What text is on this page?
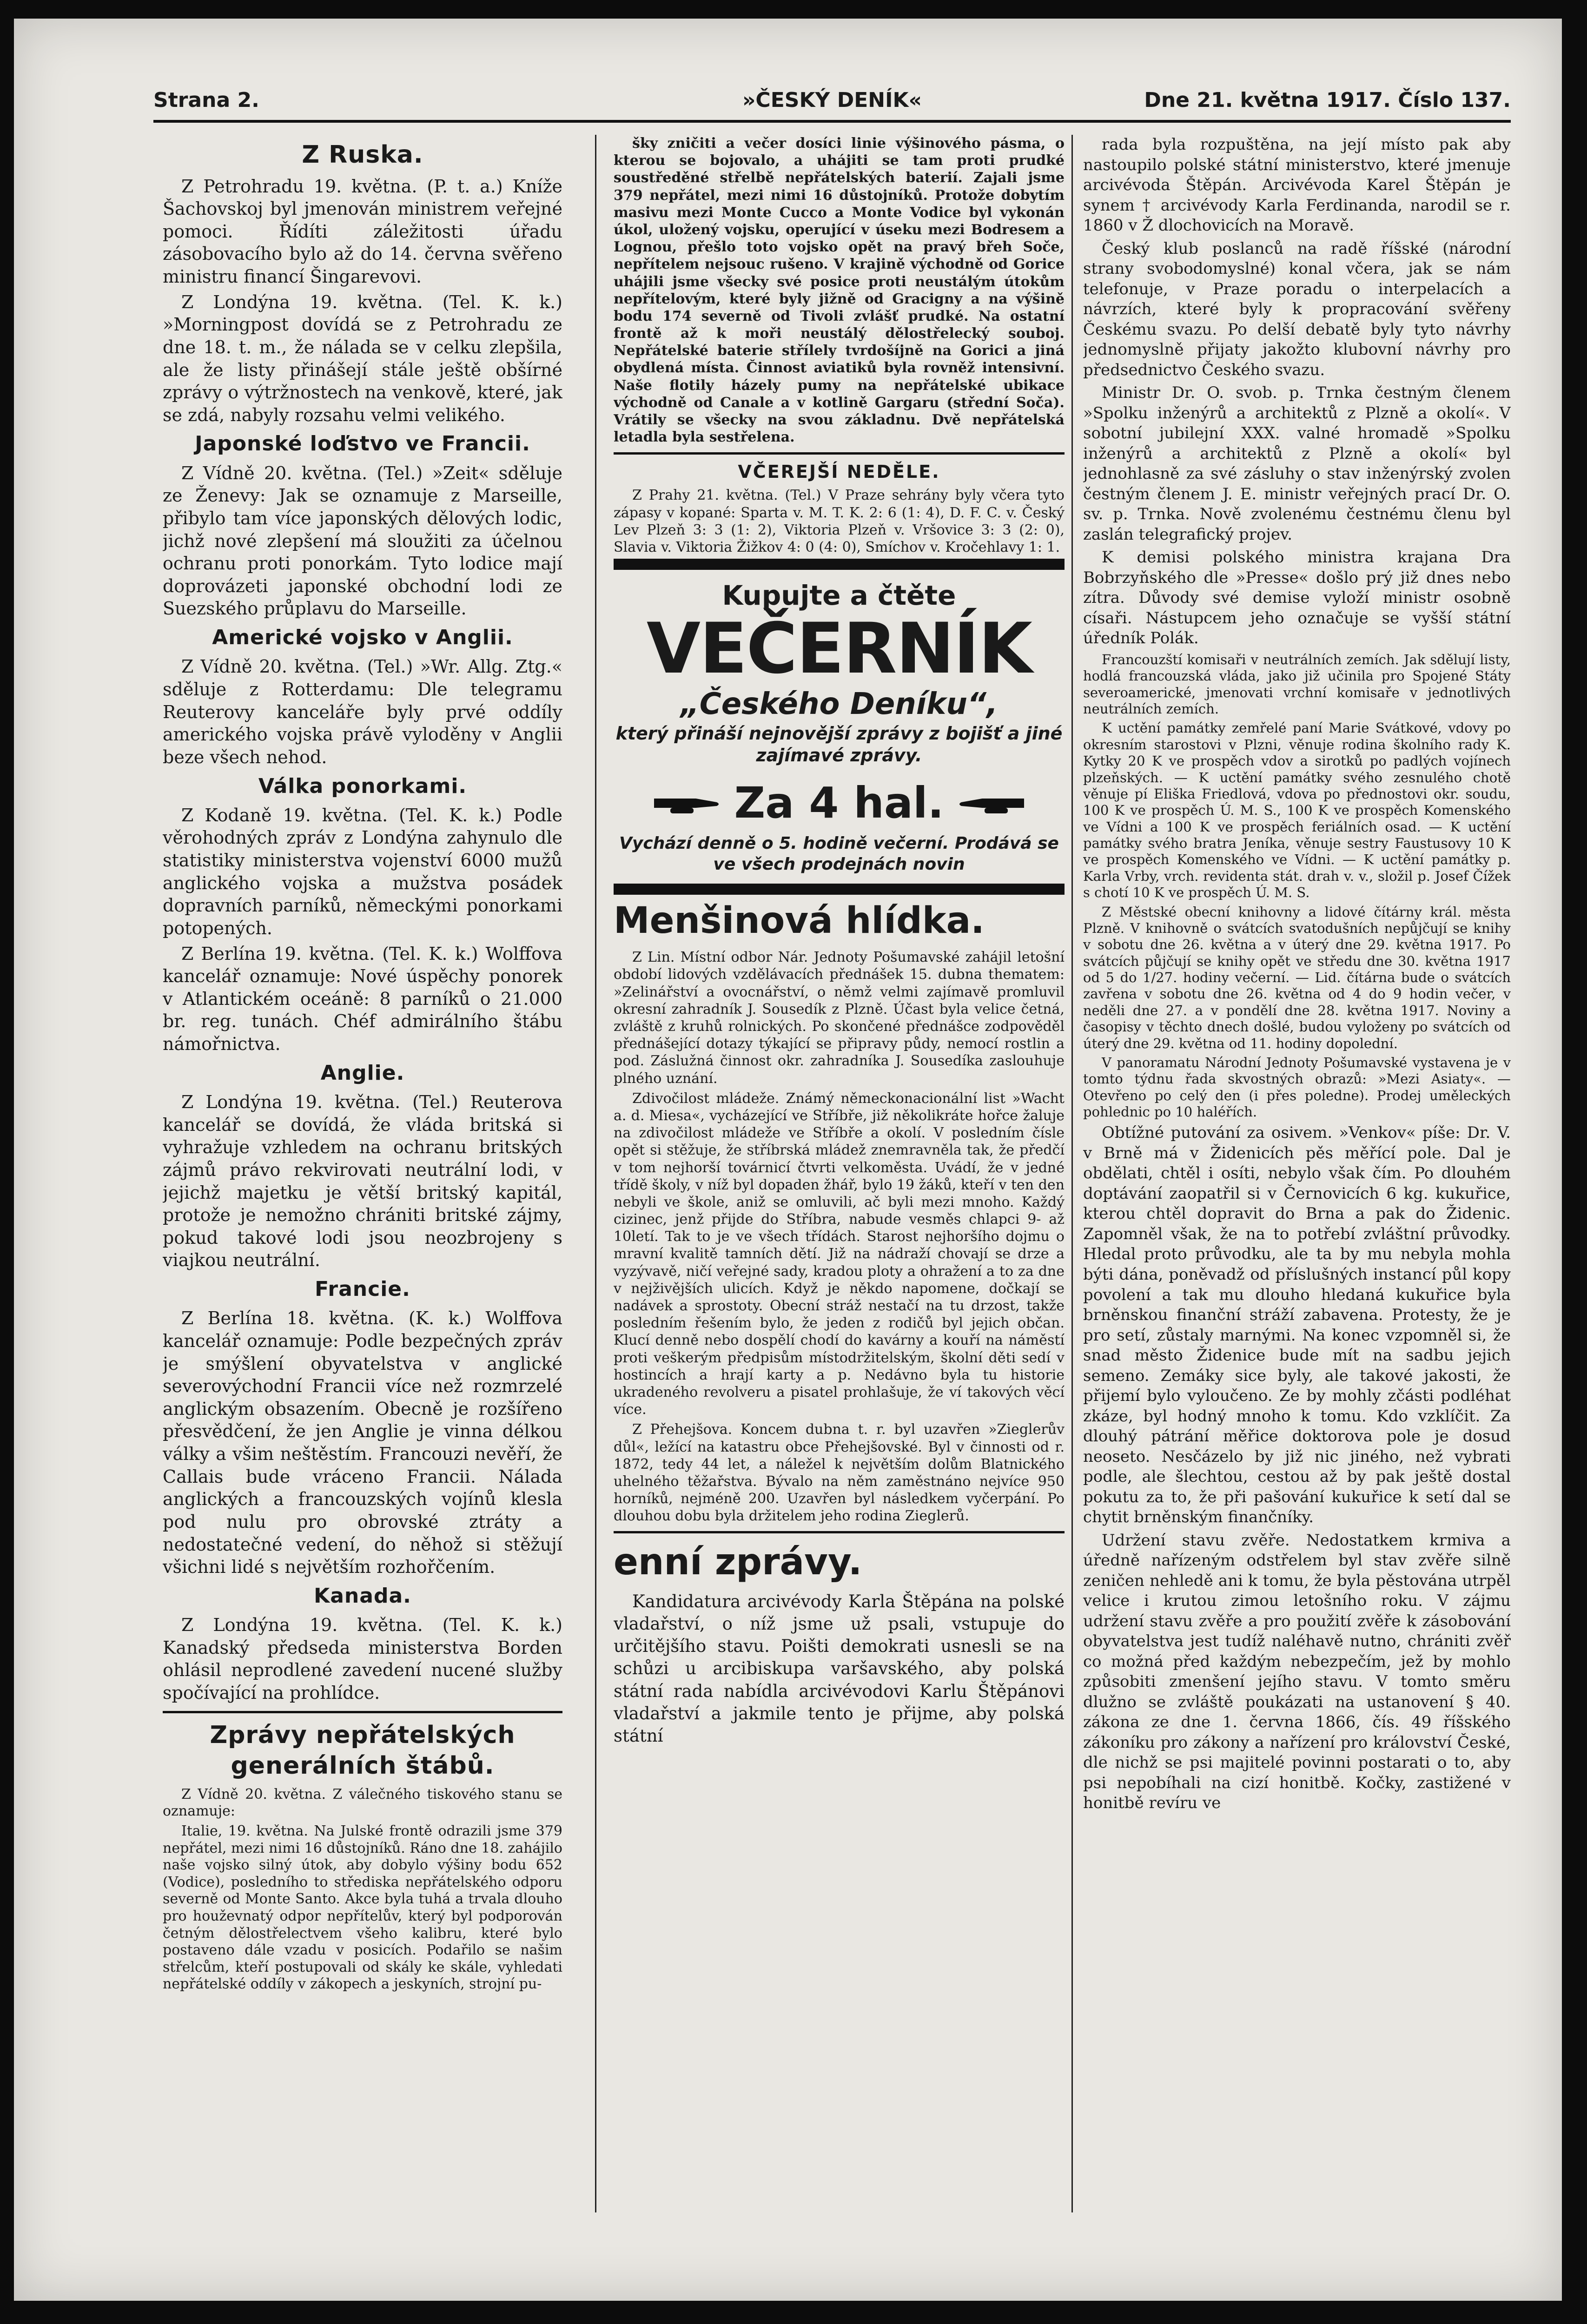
Strana 2.	»ČESKÝ DENÍK«	Dne 21. května 1917. Číslo 137.
Z Ruska.

Z Petrohradu 19. května. (P. t. a.) Kníže Šachovskoj byl jmenován ministrem veřejné pomoci. Řídíti záležitosti úřadu zásobovacího bylo až do 14. června svěřeno ministru financí Šingarevovi.

Z Londýna 19. května. (Tel. K. k.) »Morningpost dovídá se z Petrohradu ze dne 18. t. m., že nálada se v celku zlepšila, ale že listy přinášejí stále ještě obšírné zprávy o výtržnostech na venkově, které, jak se zdá, nabyly rozsahu velmi velikého.

Japonské loďstvo ve Francii.

Z Vídně 20. května. (Tel.) »Zeit« sděluje ze Ženevy: Jak se oznamuje z Marseille, přibylo tam více japonských dělových lodic, jichž nové zlepšení má sloužiti za účelnou ochranu proti ponorkám. Tyto lodice mají doprovázeti japonské obchodní lodi ze Suezského průplavu do Marseille.

Americké vojsko v Anglii.

Z Vídně 20. května. (Tel.) »Wr. Allg. Ztg.« sděluje z Rotterdamu: Dle telegramu Reuterovy kanceláře byly prvé oddíly amerického vojska právě vyloděny v Anglii beze všech nehod.

Válka ponorkami.

Z Kodaně 19. května. (Tel. K. k.) Podle věrohodných zpráv z Londýna zahynulo dle statistiky ministerstva vojenství 6000 mužů anglického vojska a mužstva posádek dopravních parníků, německými ponorkami potopených.

Z Berlína 19. května. (Tel. K. k.) Wolffova kancelář oznamuje: Nové úspěchy ponorek v Atlantickém oceáně: 8 parníků o 21.000 br. reg. tunách. Chéf admirálního štábu námořnictva.

Anglie.

Z Londýna 19. května. (Tel.) Reuterova kancelář se dovídá, že vláda britská si vyhražuje vzhledem na ochranu britských zájmů právo rekvirovati neutrální lodi, v jejichž majetku je větší britský kapitál, protože je nemožno chrániti britské zájmy, pokud takové lodi jsou neozbrojeny s viajkou neutrální.

Francie.

Z Berlína 18. května. (K. k.) Wolffova kancelář oznamuje: Podle bezpečných zpráv je smýšlení obyvatelstva v anglické severovýchodní Francii více než rozmrzelé anglickým obsazením. Obecně je rozšířeno přesvědčení, že jen Anglie je vinna délkou války a všim neštěstím. Francouzi nevěří, že Callais bude vráceno Francii. Nálada anglických a francouzských vojínů klesla pod nulu pro obrovské ztráty a nedostatečné vedení, do něhož si stěžují všichni lidé s největším rozhořčením.

Kanada.

Z Londýna 19. května. (Tel. K. k.) Kanadský předseda ministerstva Borden ohlásil neprodlené zavedení nucené služby spočívající na prohlídce.

Zprávy nepřátelských generálních štábů.

Z Vídně 20. května. Z válečného tiskového stanu se oznamuje:

Italie, 19. května. Na Julské frontě odrazili jsme 379 nepřátel, mezi nimi 16 důstojníků. Ráno dne 18. zahájilo naše vojsko silný útok, aby dobylo výšiny bodu 652 (Vodice), posledního to střediska nepřátelského odporu severně od Monte Santo. Akce byla tuhá a trvala dlouho pro houževnatý odpor nepřítelův, který byl podporován četným dělostřelectvem všeho kalibru, které bylo postaveno dále vzadu v posicích. Podařilo se našim střelcům, kteří postupovali od skály ke skále, vyhledati nepřátelské oddíly v zákopech a jeskyních, strojní pu-

šky zničiti a večer dosíci linie výšinového pásma, o kterou se bojovalo, a uhájiti se tam proti prudké soustředěné střelbě nepřátelských baterií. Zajali jsme 379 nepřátel, mezi nimi 16 důstojníků. Protože dobytím masivu mezi Monte Cucco a Monte Vodice byl vykonán úkol, uložený vojsku, operující v úseku mezi Bodresem a Lognou, přešlo toto vojsko opět na pravý břeh Soče, nepřítelem nejsouc rušeno. V krajině východně od Gorice uhájili jsme všecky své posice proti neustálým útokům nepřítelovým, které byly jižně od Gracigny a na výšině bodu 174 severně od Tivoli zvlášť prudké. Na ostatní frontě až k moři neustálý dělostřelecký souboj. Nepřátelské baterie střílely tvrdošíjně na Gorici a jiná obydlená místa. Činnost aviatiků byla rovněž intensivní. Naše flotily házely pumy na nepřátelské ubikace východně od Canale a v kotlině Gargaru (střední Soča). Vrátily se všecky na svou základnu. Dvě nepřátelská letadla byla sestřelena.

VČEREJŠÍ NEDĚLE.

Z Prahy 21. května. (Tel.) V Praze sehrány byly včera tyto zápasy v kopané: Sparta v. M. T. K. 2: 6 (1: 4), D. F. C. v. Český Lev Plzeň 3: 3 (1: 2), Viktoria Plzeň v. Vršovice 3: 3 (2: 0), Slavia v. Viktoria Žižkov 4: 0 (4: 0), Smíchov v. Kročehlavy 1: 1.

Kupujte a čtěte
VEČERNÍK
„Českého Deníku“,
který přináší nejnovější zprávy z bojišť a jiné zajímavé zprávy.
Za 4 hal.
Vychází denně o 5. hodině večerní. Prodává se ve všech prodejnách novin
Menšinová hlídka.

Z Lin. Místní odbor Nár. Jednoty Pošumavské zahájil letošní období lidových vzdělávacích přednášek 15. dubna thematem: »Zelinářství a ovocnářství, o němž velmi zajímavě promluvil okresní zahradník J. Sousedík z Plzně. Účast byla velice četná, zvláště z kruhů rolnických. Po skončené přednášce zodpověděl přednášející dotazy týkající se připravy půdy, nemocí rostlin a pod. Záslužná činnost okr. zahradníka J. Sousedíka zaslouhuje plného uznání.

Zdivočilost mládeže. Známý německonacionální list »Wacht a. d. Miesa«, vycházející ve Stříbře, již několikráte hořce žaluje na zdivočilost mládeže ve Stříbře a okolí. V posledním čísle opět si stěžuje, že stříbrská mládež znemravněla tak, že předčí v tom nejhorší továrnicí čtvrti velkoměsta. Uvádí, že v jedné třídě školy, v níž byl dopaden žhář, bylo 19 žáků, kteří v ten den nebyli ve škole, aniž se omluvili, ač byli mezi mnoho. Každý cizinec, jenž přijde do Stříbra, nabude vesměs chlapci 9- až 10letí. Tak to je ve všech třídách. Starost nejhoršího dojmu o mravní kvalitě tamních dětí. Již na nádraží chovají se drze a vyzývavě, ničí veřejné sady, kradou ploty a ohražení a to za dne v nejživějších ulicích. Když je někdo napomene, dočkají se nadávek a sprostoty. Obecní stráž nestačí na tu drzost, takže posledním řešením bylo, že jeden z rodičů byl jejich občan. Klucí denně nebo dospělí chodí do kavárny a kouří na náměstí proti veškerým předpisům místodržitelským, školní děti sedí v hostincích a hrají karty a p. Nedávno byla tu historie ukradeného revolveru a pisatel prohlašuje, že ví takových věcí více.

Z Přehejšova. Koncem dubna t. r. byl uzavřen »Zieglerův důl«, ležící na katastru obce Přehejšovské. Byl v činnosti od r. 1872, tedy 44 let, a náležel k největším dolům Blatnického uhelného těžařstva. Bývalo na něm zaměstnáno nejvíce 950 horníků, nejméně 200. Uzavřen byl následkem vyčerpání. Po dlouhou dobu byla držitelem jeho rodina Zieglerů.

enní zprávy.

Kandidatura arcivévody Karla Štěpána na polské vladařství, o níž jsme už psali, vstupuje do určitějšího stavu. Poišti demokrati usnesli se na schůzi u arcibiskupa varšavského, aby polská státní rada nabídla arcivévodovi Karlu Štěpánovi vladařství a jakmile tento je přijme, aby polská státní

rada byla rozpuštěna, na její místo pak aby nastoupilo polské státní ministerstvo, které jmenuje arcivévoda Štěpán. Arcivévoda Karel Štěpán je synem † arcivévody Karla Ferdinanda, narodil se r. 1860 v Ž dlochovicích na Moravě.

Český klub poslanců na radě říšské (národní strany svobodomyslné) konal včera, jak se nám telefonuje, v Praze poradu o interpelacích a návrzích, které byly k propracování svěřeny Českému svazu. Po delší debatě byly tyto návrhy jednomyslně přijaty jakožto klubovní návrhy pro předsednictvo Českého svazu.

Ministr Dr. O. svob. p. Trnka čestným členem »Spolku inženýrů a architektů z Plzně a okolí«. V sobotní jubilejní XXX. valné hromadě »Spolku inženýrů a architektů z Plzně a okolí« byl jednohlasně za své zásluhy o stav inženýrský zvolen čestným členem J. E. ministr veřejných prací Dr. O. sv. p. Trnka. Nově zvolenému čestnému členu byl zaslán telegrafický projev.

K demisi polského ministra krajana Dra Bobrzyňského dle »Presse« došlo prý již dnes nebo zítra. Důvody své demise vyloží ministr osobně císaři. Nástupcem jeho označuje se vyšší státní úředník Polák.

Francouzští komisaři v neutrálních zemích. Jak sdělují listy, hodlá francouzská vláda, jako již učinila pro Spojené Státy severoamerické, jmenovati vrchní komisaře v jednotlivých neutrálních zemích.

K uctění památky zemřelé paní Marie Svátkové, vdovy po okresním starostovi v Plzni, věnuje rodina školního rady K. Kytky 20 K ve prospěch vdov a sirotků po padlých vojínech plzeňských. — K uctění památky svého zesnulého chotě věnuje pí Eliška Friedlová, vdova po přednostovi okr. soudu, 100 K ve prospěch Ú. M. S., 100 K ve prospěch Komenského ve Vídni a 100 K ve prospěch feriálních osad. — K uctění památky svého bratra Jeníka, věnuje sestry Faustusovy 10 K ve prospěch Komenského ve Vídni. — K uctění památky p. Karla Vrby, vrch. revidenta stát. drah v. v., složil p. Josef Čížek s chotí 10 K ve prospěch Ú. M. S.

Z Městské obecní knihovny a lidové čítárny král. města Plzně. V knihovně o svátcích svatodušních nepůjčují se knihy v sobotu dne 26. května a v úterý dne 29. května 1917. Po svátcích půjčují se knihy opět ve středu dne 30. května 1917 od 5 do 1/27. hodiny večerní. — Lid. čítárna bude o svátcích zavřena v sobotu dne 26. května od 4 do 9 hodin večer, v neděli dne 27. a v pondělí dne 28. května 1917. Noviny a časopisy v těchto dnech došlé, budou vyloženy po svátcích od úterý dne 29. května od 11. hodiny dopolední.

V panoramatu Národní Jednoty Pošumavské vystavena je v tomto týdnu řada skvostných obrazů: »Mezi Asiaty«. — Otevřeno po celý den (i přes poledne). Prodej uměleckých pohlednic po 10 haléřích.

Obtížné putování za osivem. »Venkov« píše: Dr. V. v Brně má v Židenicích pěs měřící pole. Dal je obdělati, chtěl i osíti, nebylo však čím. Po dlouhém doptávání zaopatřil si v Černovicích 6 kg. kukuřice, kterou chtěl dopravit do Brna a pak do Židenic. Zapomněl však, že na to potřebí zvláštní průvodky. Hledal proto průvodku, ale ta by mu nebyla mohla býti dána, poněvadž od příslušných instancí půl kopy povolení a tak mu dlouho hledaná kukuřice byla brněnskou finanční stráží zabavena. Protesty, že je pro setí, zůstaly marnými. Na konec vzpomněl si, že snad město Židenice bude mít na sadbu jejich semeno. Zemáky sice byly, ale takové jakosti, že přijemí bylo vyloučeno. Ze by mohly zčásti podléhat zkáze, byl hodný mnoho k tomu. Kdo vzklíčit. Za dlouhý pátrání měřice doktorova pole je dosud neoseto. Nesčázelo by již nic jiného, než vybrati podle, ale šlechtou, cestou až by pak ještě dostal pokutu za to, že při pašování kukuřice k setí dal se chytit brněnským finančníky.

Udržení stavu zvěře. Nedostatkem krmiva a úředně nařízeným odstřelem byl stav zvěře silně zeničen nehledě ani k tomu, že byla pěstována utrpěl velice i krutou zimou letošního roku. V zájmu udržení stavu zvěře a pro použití zvěře k zásobování obyvatelstva jest tudíž naléhavě nutno, chrániti zvěř co možná před každým nebezpečím, jež by mohlo způsobiti zmenšení jejího stavu. V tomto směru dlužno se zvláště poukázati na ustanovení § 40. zákona ze dne 1. června 1866, čís. 49 říšského zákoníku pro zákony a nařízení pro království České, dle nichž se psi majitelé povinni postarati o to, aby psi nepobíhali na cizí honitbě. Kočky, zastižené v honitbě revíru ve
